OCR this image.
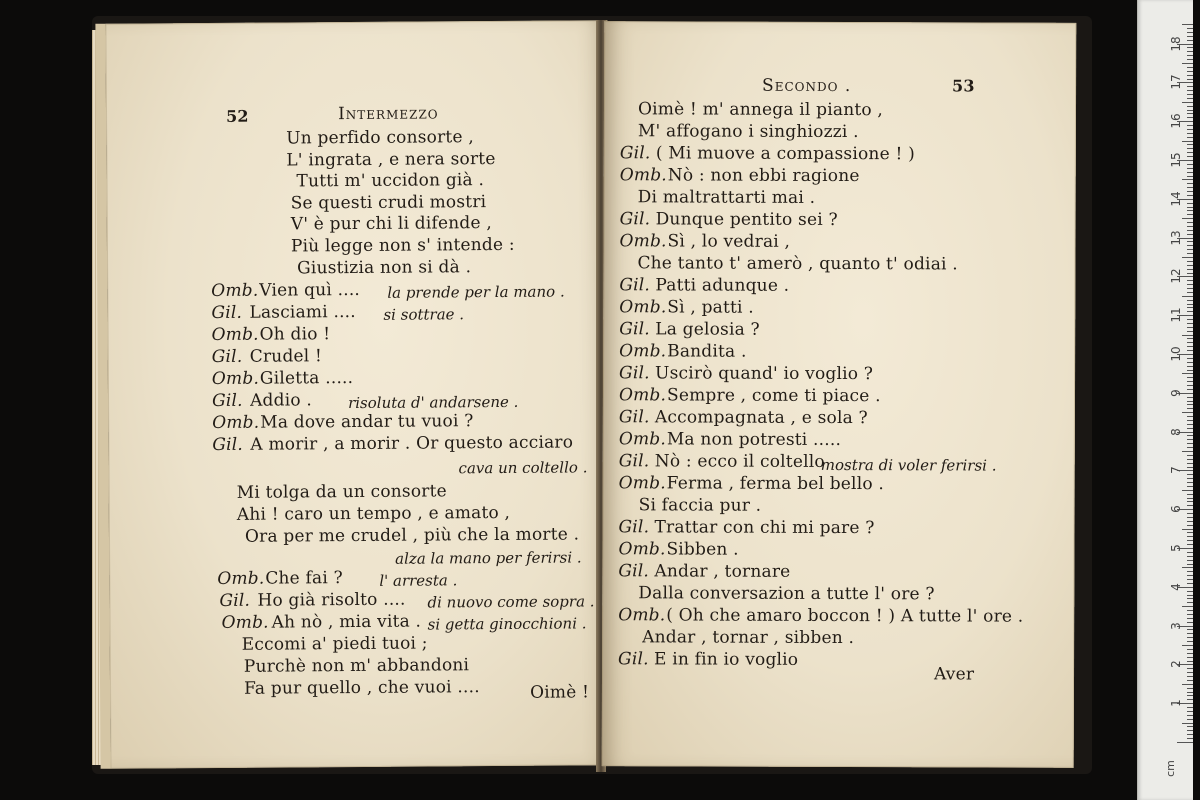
52	Intermezzo
Un perfido consorte ,
L' ingrata , e nera sorte
Tutti m' uccidon già .
Se questi crudi mostri
V' è pur chi li difende ,
Più legge non s' intende :
Giustizia non si dà .
Omb. Vien quì .... la prende per la mano .
Gil. Lasciami .... si sottrae .
Omb. Oh dio !
Gil. Crudel !
Omb. Giletta .....
Gil. Addio . risoluta d' andarsene .
Omb. Ma dove andar tu vuoi ?
Gil. A morir , a morir . Or questo acciaro
cava un coltello .
Mi tolga da un consorte
Ahi ! caro un tempo , e amato ,
Ora per me crudel , più che la morte .
alza la mano per ferirsi .
Omb. Che fai ? l' arresta .
Gil. Ho già risolto .... di nuovo come sopra .
Omb. Ah nò , mia vita . si getta ginocchioni .
Eccomi a' piedi tuoi ;
Purchè non m' abbandoni
Fa pur quello , che vuoi ....	Oimè !
Secondo .	53
Oimè ! m' annega il pianto ,
M' affogano i singhiozzi .
Gil. ( Mi muove a compassione ! )
Omb. Nò : non ebbi ragione
Di maltrattarti mai .
Gil. Dunque pentito sei ?
Omb. Sì , lo vedrai ,
Che tanto t' amerò , quanto t' odiai .
Gil. Patti adunque .
Omb. Sì , patti .
Gil. La gelosia ?
Omb. Bandita .
Gil. Uscirò quand' io voglio ?
Omb. Sempre , come ti piace .
Gil. Accompagnata , e sola ?
Omb. Ma non potresti .....
Gil. Nò : ecco il coltello
mostra di voler ferirsi .
Omb. Ferma , ferma bel bello .
Si faccia pur .
Gil. Trattar con chi mi pare ?
Omb. Sibben .
Gil. Andar , tornare
Dalla conversazion a tutte l' ore ?
Omb. ( Oh che amaro boccon ! ) A tutte l' ore .
Andar , tornar , sibben .
Gil. E in fin io voglio
Aver
cm
1
2
3
4
5
6
7
8
9
10
11
12
13
14
15
16
17
18
